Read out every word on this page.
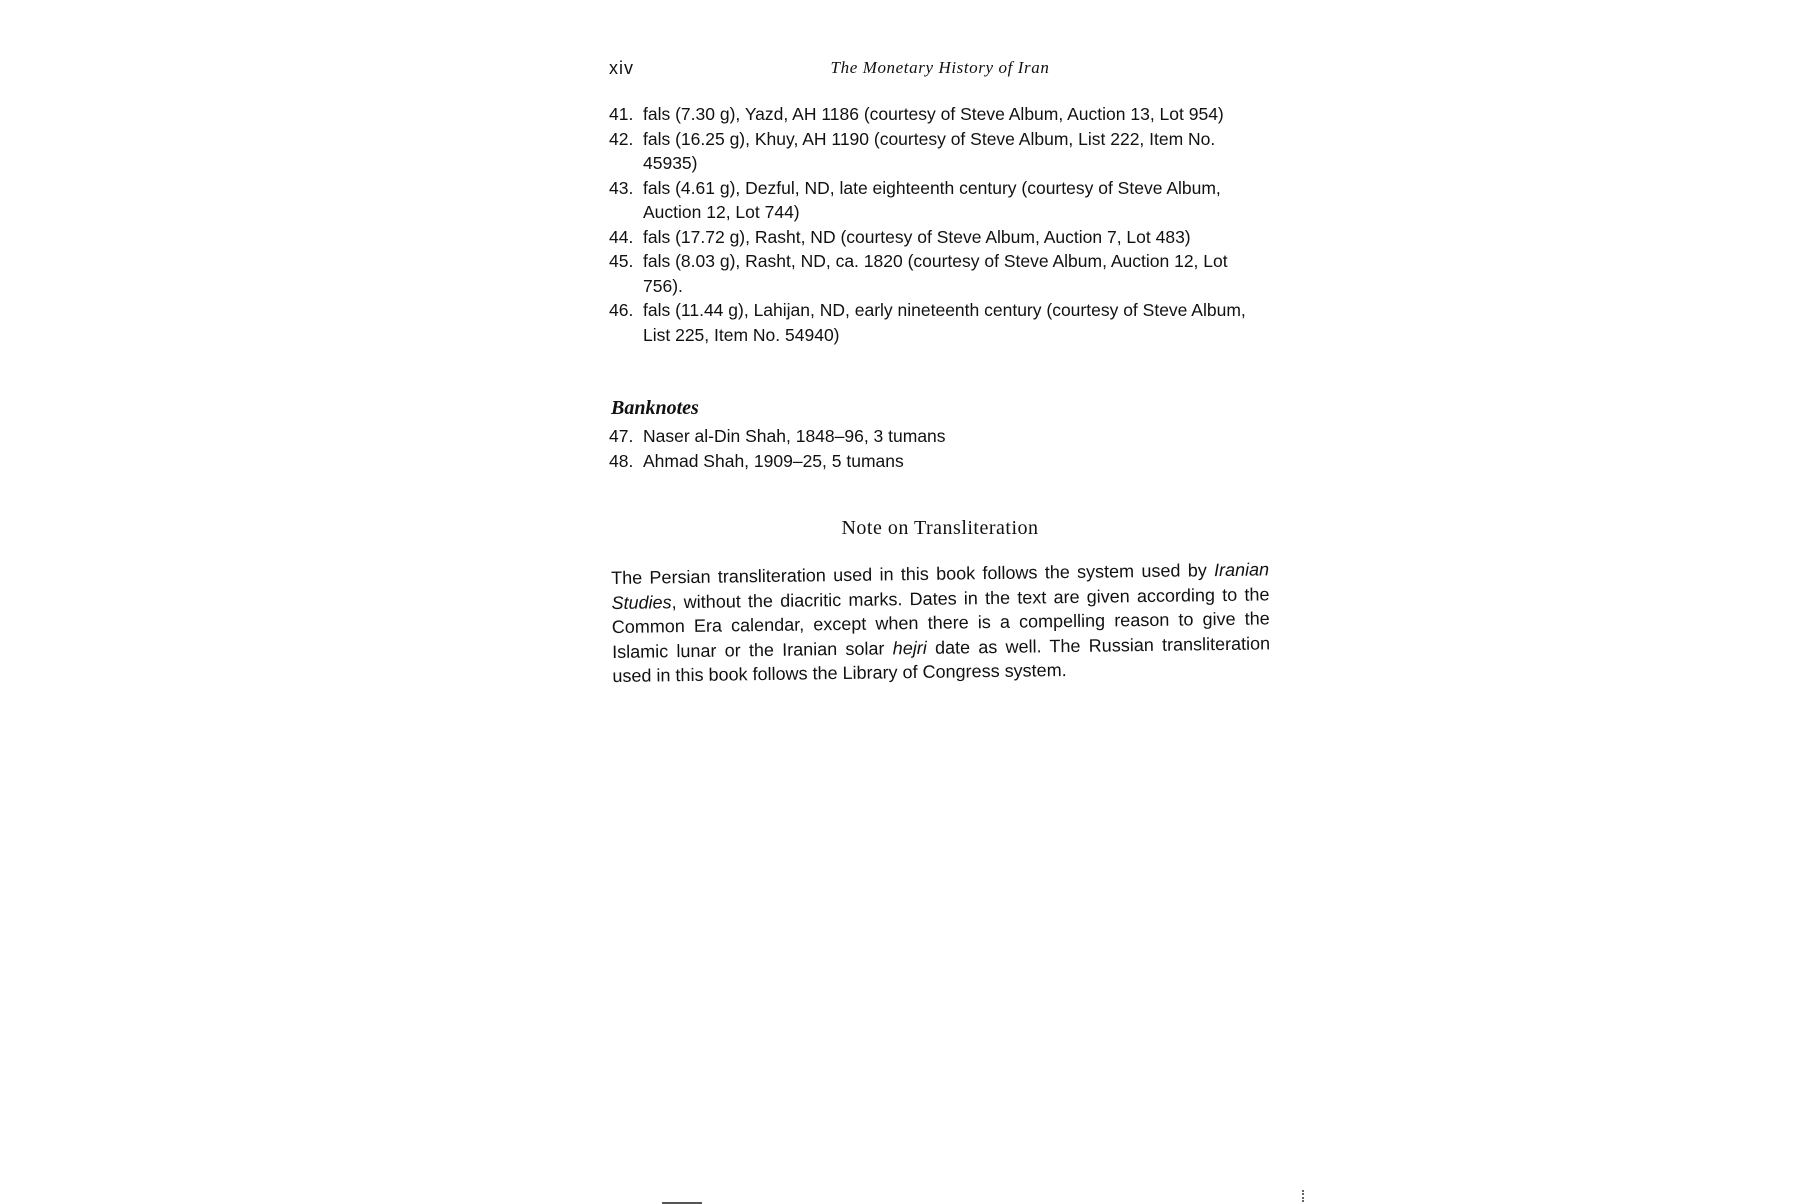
xiv	The Monetary History of Iran
41. fals (7.30 g), Yazd, AH 1186 (courtesy of Steve Album, Auction 13, Lot 954)
42. fals (16.25 g), Khuy, AH 1190 (courtesy of Steve Album, List 222, Item No. 45935)
43. fals (4.61 g), Dezful, ND, late eighteenth century (courtesy of Steve Album, Auction 12, Lot 744)
44. fals (17.72 g), Rasht, ND (courtesy of Steve Album, Auction 7, Lot 483)
45. fals (8.03 g), Rasht, ND, ca. 1820 (courtesy of Steve Album, Auction 12, Lot 756).
46. fals (11.44 g), Lahijan, ND, early nineteenth century (courtesy of Steve Album, List 225, Item No. 54940)
Banknotes
47. Naser al-Din Shah, 1848–96, 3 tumans
48. Ahmad Shah, 1909–25, 5 tumans
Note on Transliteration

The Persian transliteration used in this book follows the system used by Iranian Studies, without the diacritic marks. Dates in the text are given according to the Common Era calendar, except when there is a compelling reason to give the Islamic lunar or the Iranian solar hejri date as well. The Russian transliteration used in this book follows the Library of Congress system.
